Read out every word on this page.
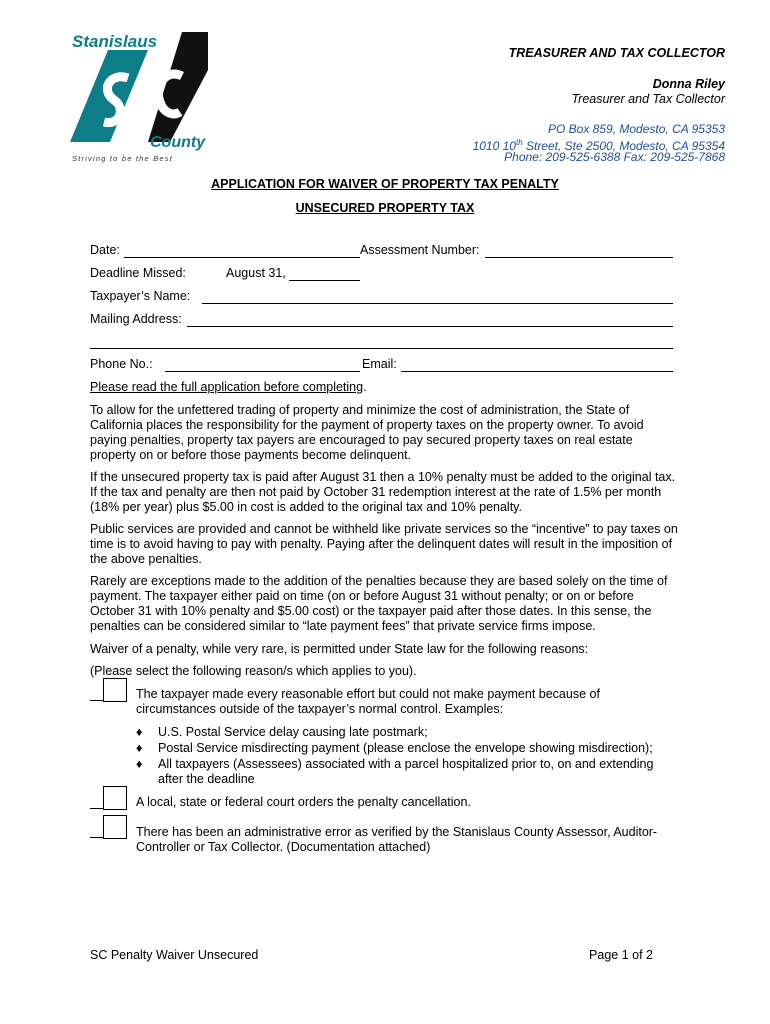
Stanislaus
County
Striving to be the Best
TREASURER AND TAX COLLECTOR
Donna Riley
Treasurer and Tax Collector
PO Box 859, Modesto, CA 95353
1010 10th Street, Ste 2500, Modesto, CA 95354
Phone: 209-525-6388 Fax: 209-525-7868
APPLICATION FOR WAIVER OF PROPERTY TAX PENALTY
UNSECURED PROPERTY TAX
Date:	Assessment Number:
Deadline Missed:	August 31,
Taxpayer’s Name:
Mailing Address:
Phone No.:	Email:

Please read the full application before completing.

To allow for the unfettered trading of property and minimize the cost of administration, the State of California places the responsibility for the payment of property taxes on the property owner. To avoid paying penalties, property tax payers are encouraged to pay secured property taxes on real estate property on or before those payments become delinquent.

If the unsecured property tax is paid after August 31 then a 10% penalty must be added to the original tax. If the tax and penalty are then not paid by October 31 redemption interest at the rate of 1.5% per month (18% per year) plus $5.00 in cost is added to the original tax and 10% penalty.

Public services are provided and cannot be withheld like private services so the “incentive” to pay taxes on time is to avoid having to pay with penalty. Paying after the delinquent dates will result in the imposition of the above penalties.

Rarely are exceptions made to the addition of the penalties because they are based solely on the time of payment. The taxpayer either paid on time (on or before August 31 without penalty; or on or before October 31 with 10% penalty and $5.00 cost) or the taxpayer paid after those dates. In this sense, the penalties can be considered similar to “late payment fees” that private service firms impose.

Waiver of a penalty, while very rare, is permitted under State law for the following reasons:

(Please select the following reason/s which applies to you).

The taxpayer made every reasonable effort but could not make payment because of circumstances outside of the taxpayer’s normal control. Examples:

♦ U.S. Postal Service delay causing late postmark;
♦ Postal Service misdirecting payment (please enclose the envelope showing misdirection);
♦ All taxpayers (Assessees) associated with a parcel hospitalized prior to, on and extending after the deadline

A local, state or federal court orders the penalty cancellation.

There has been an administrative error as verified by the Stanislaus County Assessor, Auditor-Controller or Tax Collector. (Documentation attached)

SC Penalty Waiver Unsecured	Page 1 of 2
